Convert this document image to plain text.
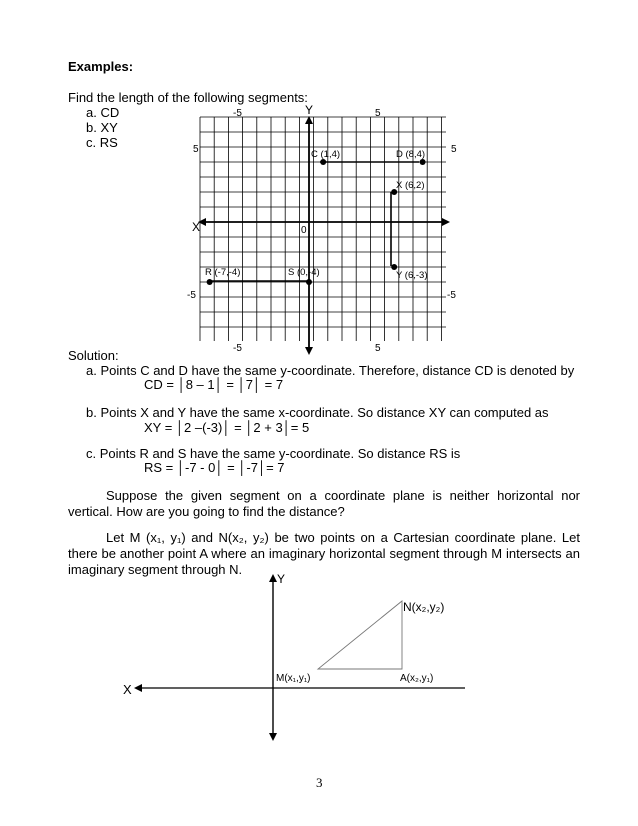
Examples:
Find the length of the following segments:
a. CD
b. XY
c. RS
X
Y
0
-5	5
-5	5
5
-5
5
-5
C (1,4)	D (8,4)
X (6,2)
Y (6,-3)
R (-7,-4)	S (0,-4)
Solution:
a. Points C and D have the same y-coordinate. Therefore, distance CD is denoted by
CD = │8 – 1│ = │7│ = 7
b. Points X and Y have the same x-coordinate. So distance XY can computed as
XY = │2 –(-3)│ = │2 + 3│= 5
c. Points R and S have the same y-coordinate. So distance RS is
RS = │-7 - 0│ = │-7│= 7
Suppose the given segment on a coordinate plane is neither horizontal nor vertical. How are you going to find the distance?
Let M (x₁, y₁) and N(x₂, y₂) be two points on a Cartesian coordinate plane. Let there be another point A where an imaginary horizontal segment through M intersects an imaginary segment through N.
X
Y
M(x₁,y₁)
N(x₂,y₂)
A(x₂,y₁)
3
